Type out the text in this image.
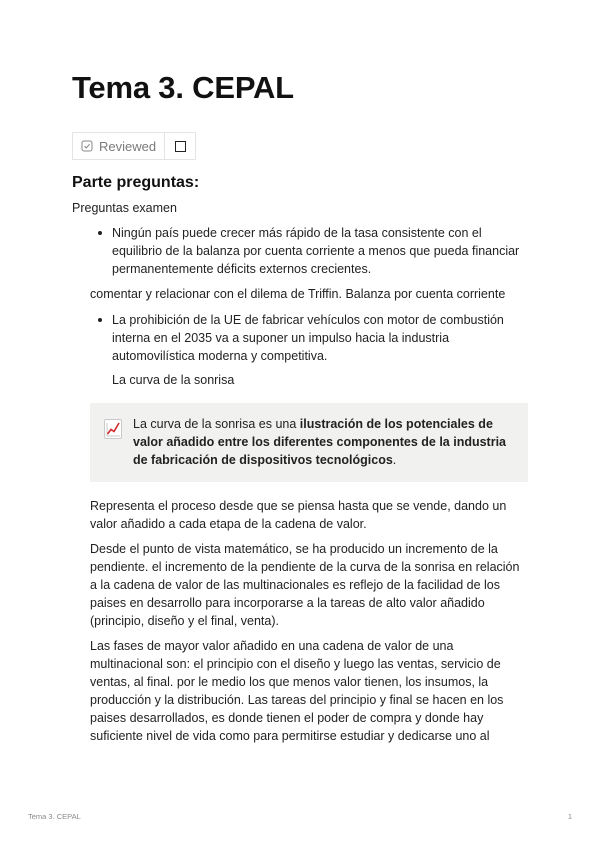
Tema 3. CEPAL
Reviewed
Parte preguntas:
Preguntas examen
Ningún país puede crecer más rápido de la tasa consistente con el equilibrio de la balanza por cuenta corriente a menos que pueda financiar permanentemente déficits externos crecientes.
comentar y relacionar con el dilema de Triffin. Balanza por cuenta corriente
La prohibición de la UE de fabricar vehículos con motor de combustión interna en el 2035 va a suponer un impulso hacia la industria automovilística moderna y competitiva.
La curva de la sonrisa
La curva de la sonrisa es una ilustración de los potenciales de valor añadido entre los diferentes componentes de la industria de fabricación de dispositivos tecnológicos.
Representa el proceso desde que se piensa hasta que se vende, dando un valor añadido a cada etapa de la cadena de valor.
Desde el punto de vista matemático, se ha producido un incremento de la pendiente. el incremento de la pendiente de la curva de la sonrisa en relación a la cadena de valor de las multinacionales es reflejo de la facilidad de los paises en desarrollo para incorporarse a la tareas de alto valor añadido (principio, diseño y el final, venta).
Las fases de mayor valor añadido en una cadena de valor de una multinacional son: el principio con el diseño y luego las ventas, servicio de ventas, al final. por le medio los que menos valor tienen, los insumos, la producción y la distribución. Las tareas del principio y final se hacen en los paises desarrollados, es donde tienen el poder de compra y donde hay suficiente nivel de vida como para permitirse estudiar y dedicarse uno al
Tema 3. CEPAL	1
